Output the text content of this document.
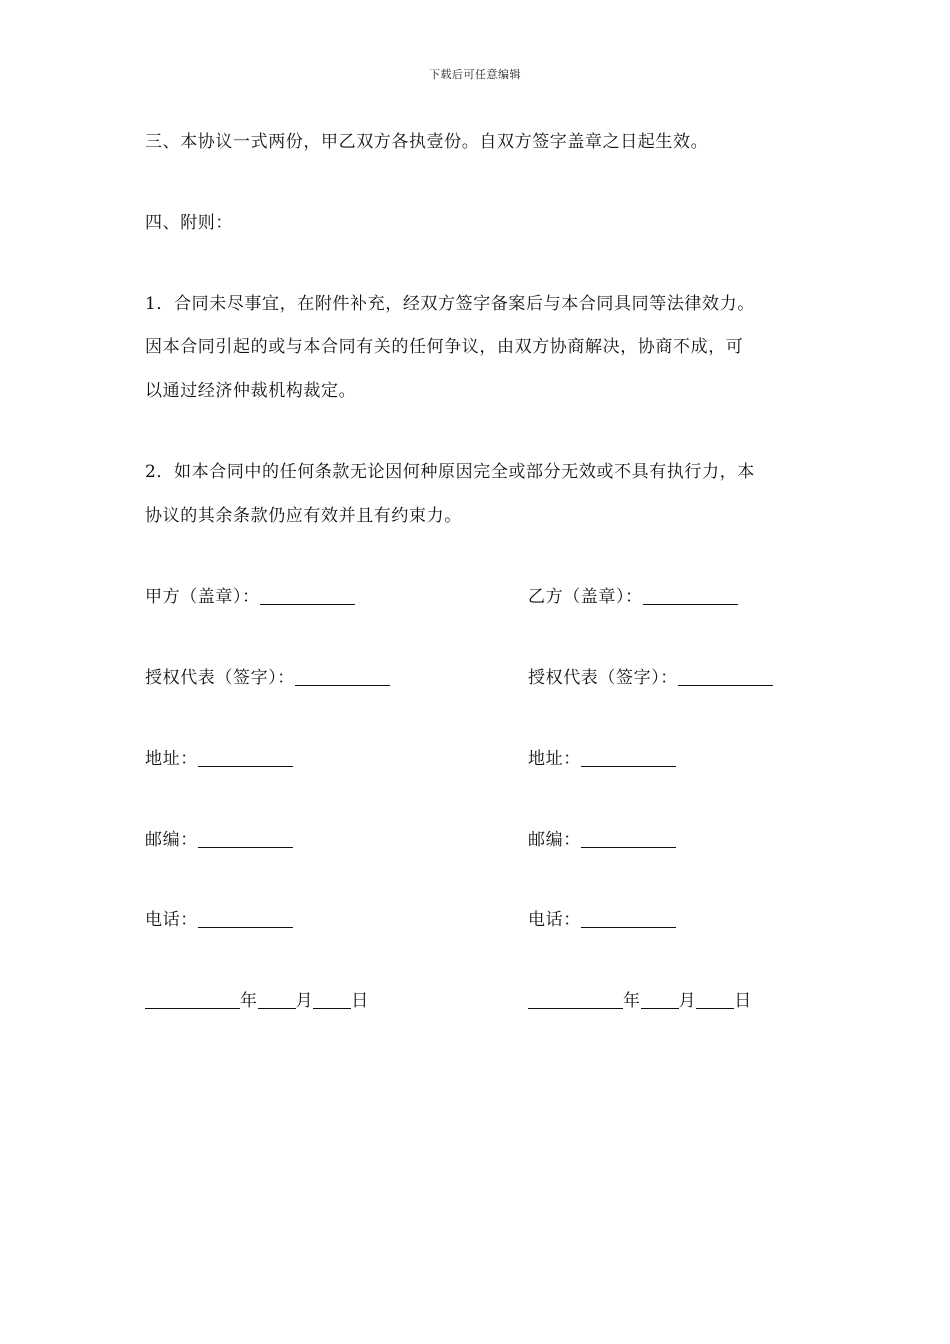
下载后可任意编辑
三、本协议一式两份，甲乙双方各执壹份。自双方签字盖章之日起生效。
四、附则：
1．合同未尽事宜，在附件补充，经双方签字备案后与本合同具同等法律效力。
因本合同引起的或与本合同有关的任何争议，由双方协商解决，协商不成，可
以通过经济仲裁机构裁定。
2．如本合同中的任何条款无论因何种原因完全或部分无效或不具有执行力，本
协议的其余条款仍应有效并且有约束力。
甲方（盖章）：
授权代表（签字）：
地址：
邮编：
电话：
年 月 日
乙方（盖章）：
授权代表（签字）：
地址：
邮编：
电话：
年 月 日
